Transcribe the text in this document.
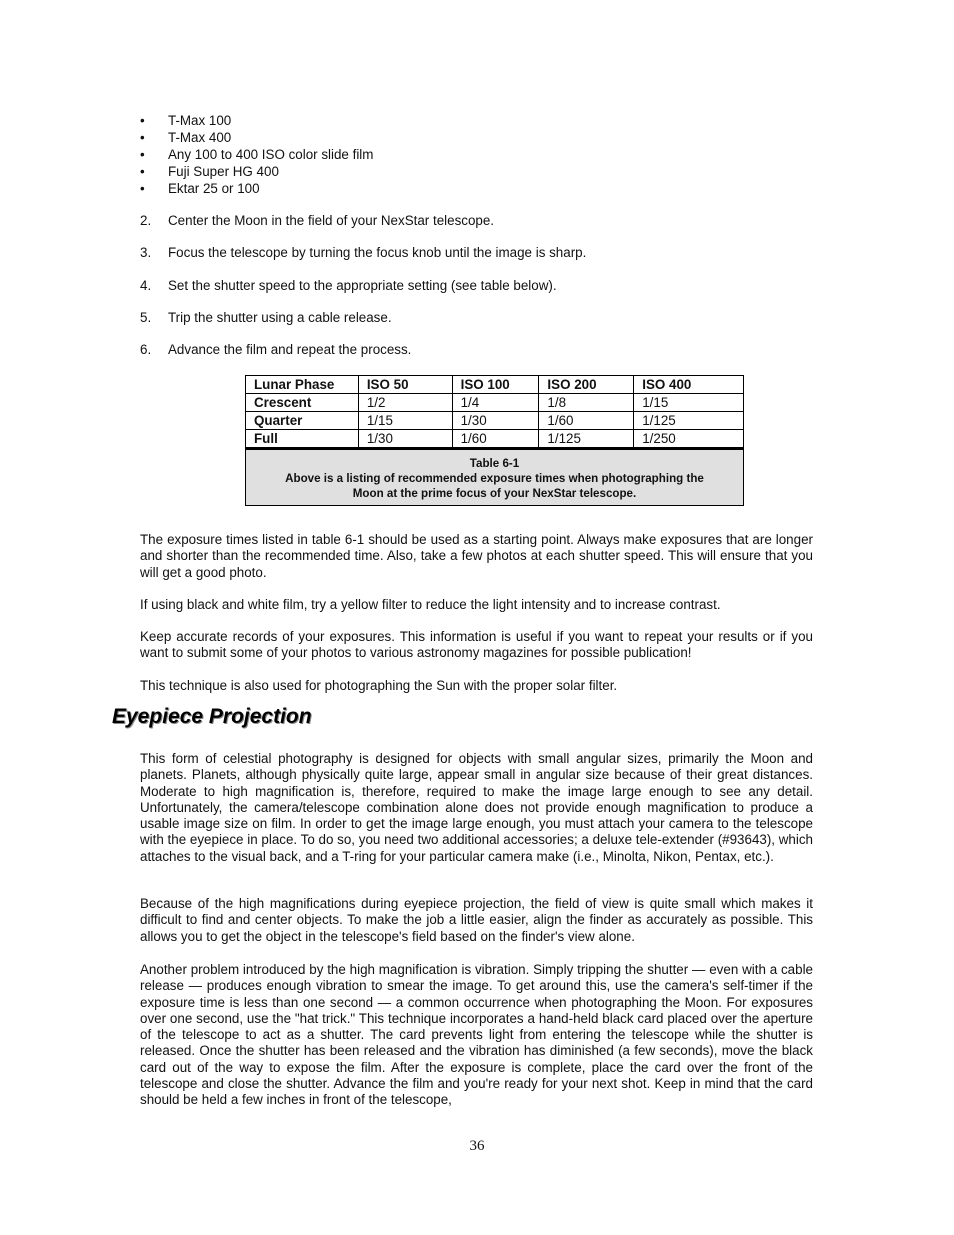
• T-Max 100
• T-Max 400
• Any 100 to 400 ISO color slide film
• Fuji Super HG 400
• Ektar 25 or 100
2. Center the Moon in the field of your NexStar telescope.
3. Focus the telescope by turning the focus knob until the image is sharp.
4. Set the shutter speed to the appropriate setting (see table below).
5. Trip the shutter using a cable release.
6. Advance the film and repeat the process.
Lunar Phase	ISO 50	ISO 100	ISO 200	ISO 400
Crescent	1/2	1/4	1/8	1/15
Quarter	1/15	1/30	1/60	1/125
Full	1/30	1/60	1/125	1/250
Table 6-1
Above is a listing of recommended exposure times when photographing the
Moon at the prime focus of your NexStar telescope.

The exposure times listed in table 6-1 should be used as a starting point. Always make exposures that are longer and shorter than the recommended time. Also, take a few photos at each shutter speed. This will ensure that you will get a good photo.

If using black and white film, try a yellow filter to reduce the light intensity and to increase contrast.

Keep accurate records of your exposures. This information is useful if you want to repeat your results or if you want to submit some of your photos to various astronomy magazines for possible publication!

This technique is also used for photographing the Sun with the proper solar filter.

Eyepiece Projection

This form of celestial photography is designed for objects with small angular sizes, primarily the Moon and planets. Planets, although physically quite large, appear small in angular size because of their great distances. Moderate to high magnification is, therefore, required to make the image large enough to see any detail. Unfortunately, the camera/telescope combination alone does not provide enough magnification to produce a usable image size on film. In order to get the image large enough, you must attach your camera to the telescope with the eyepiece in place. To do so, you need two additional accessories; a deluxe tele-extender (#93643), which attaches to the visual back, and a T-ring for your particular camera make (i.e., Minolta, Nikon, Pentax, etc.).

Because of the high magnifications during eyepiece projection, the field of view is quite small which makes it difficult to find and center objects. To make the job a little easier, align the finder as accurately as possible. This allows you to get the object in the telescope's field based on the finder's view alone.

Another problem introduced by the high magnification is vibration. Simply tripping the shutter — even with a cable release — produces enough vibration to smear the image. To get around this, use the camera's self-timer if the exposure time is less than one second — a common occurrence when photographing the Moon. For exposures over one second, use the "hat trick." This technique incorporates a hand-held black card placed over the aperture of the telescope to act as a shutter. The card prevents light from entering the telescope while the shutter is released. Once the shutter has been released and the vibration has diminished (a few seconds), move the black card out of the way to expose the film. After the exposure is complete, place the card over the front of the telescope and close the shutter. Advance the film and you're ready for your next shot. Keep in mind that the card should be held a few inches in front of the telescope,

36
